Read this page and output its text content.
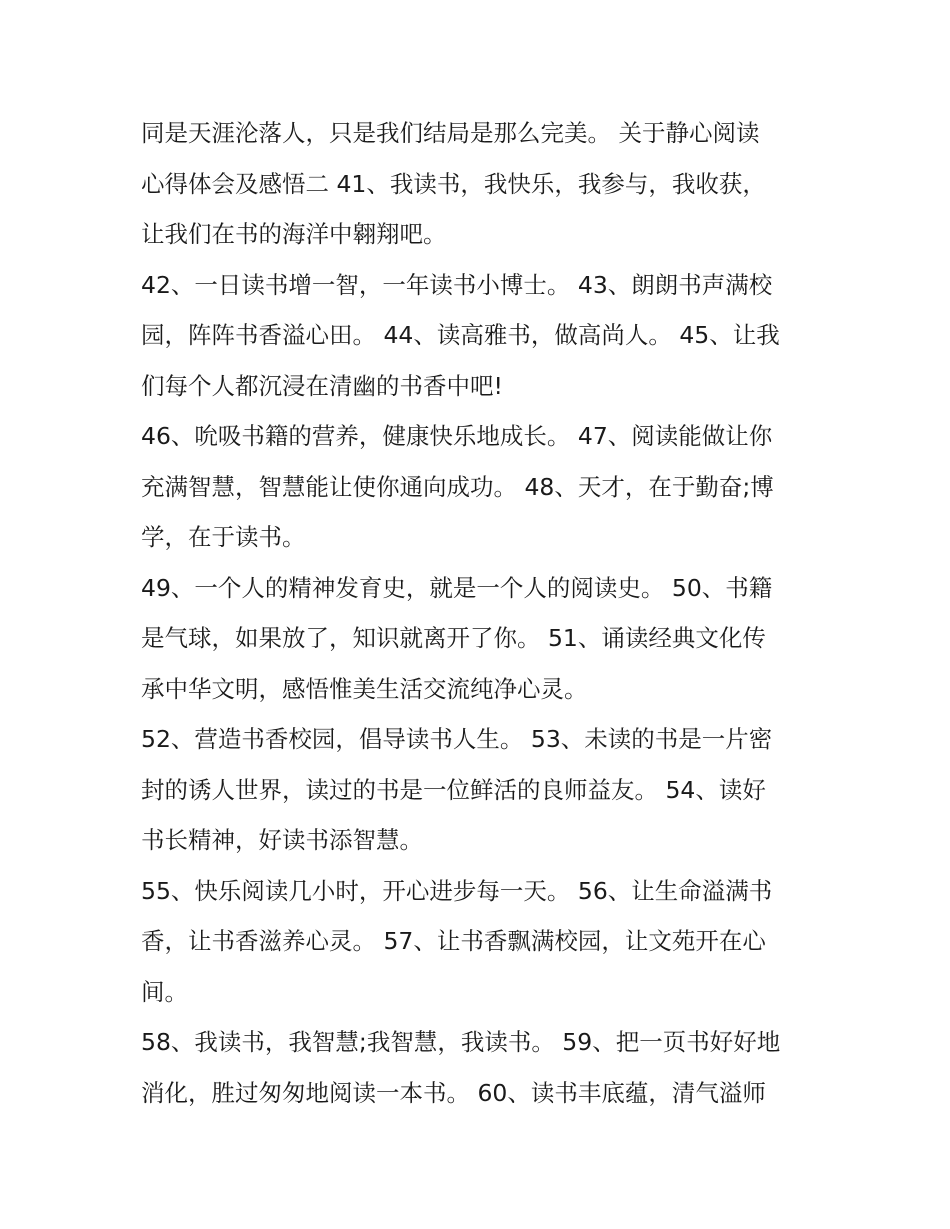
同是天涯沦落人，只是我们结局是那么完美。 关于静心阅读
心得体会及感悟二 41、我读书，我快乐，我参与，我收获，
让我们在书的海洋中翱翔吧。
42、一日读书增一智，一年读书小博士。 43、朗朗书声满校
园，阵阵书香溢心田。 44、读高雅书，做高尚人。 45、让我
们每个人都沉浸在清幽的书香中吧!
46、吮吸书籍的营养，健康快乐地成长。 47、阅读能做让你
充满智慧，智慧能让使你通向成功。 48、天才，在于勤奋;博
学，在于读书。
49、一个人的精神发育史，就是一个人的阅读史。 50、书籍
是气球，如果放了，知识就离开了你。 51、诵读经典文化传
承中华文明，感悟惟美生活交流纯净心灵。
52、营造书香校园，倡导读书人生。 53、未读的书是一片密
封的诱人世界，读过的书是一位鲜活的良师益友。 54、读好
书长精神，好读书添智慧。
55、快乐阅读几小时，开心进步每一天。 56、让生命溢满书
香，让书香滋养心灵。 57、让书香飘满校园，让文苑开在心
间。
58、我读书，我智慧;我智慧，我读书。 59、把一页书好好地
消化，胜过匆匆地阅读一本书。 60、读书丰底蕴，清气溢师
